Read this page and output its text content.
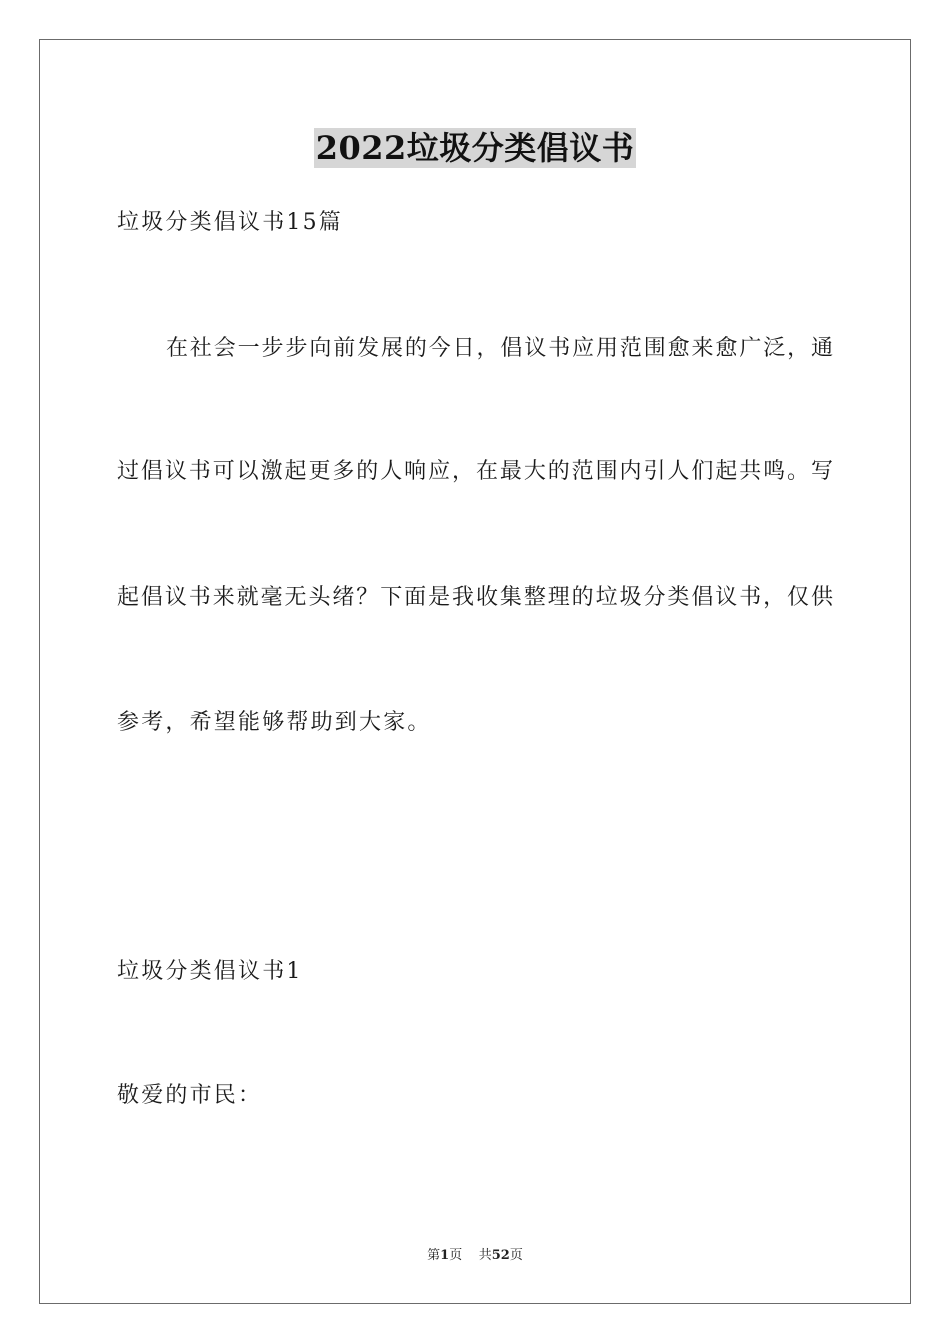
2022垃圾分类倡议书
垃圾分类倡议书15篇
在社会一步步向前发展的今日，倡议书应用范围愈来愈广泛，通
过倡议书可以激起更多的人响应，在最大的范围内引人们起共鸣。写
起倡议书来就毫无头绪？下面是我收集整理的垃圾分类倡议书，仅供
参考，希望能够帮助到大家。
垃圾分类倡议书1
敬爱的市民：
第1页 共52页
